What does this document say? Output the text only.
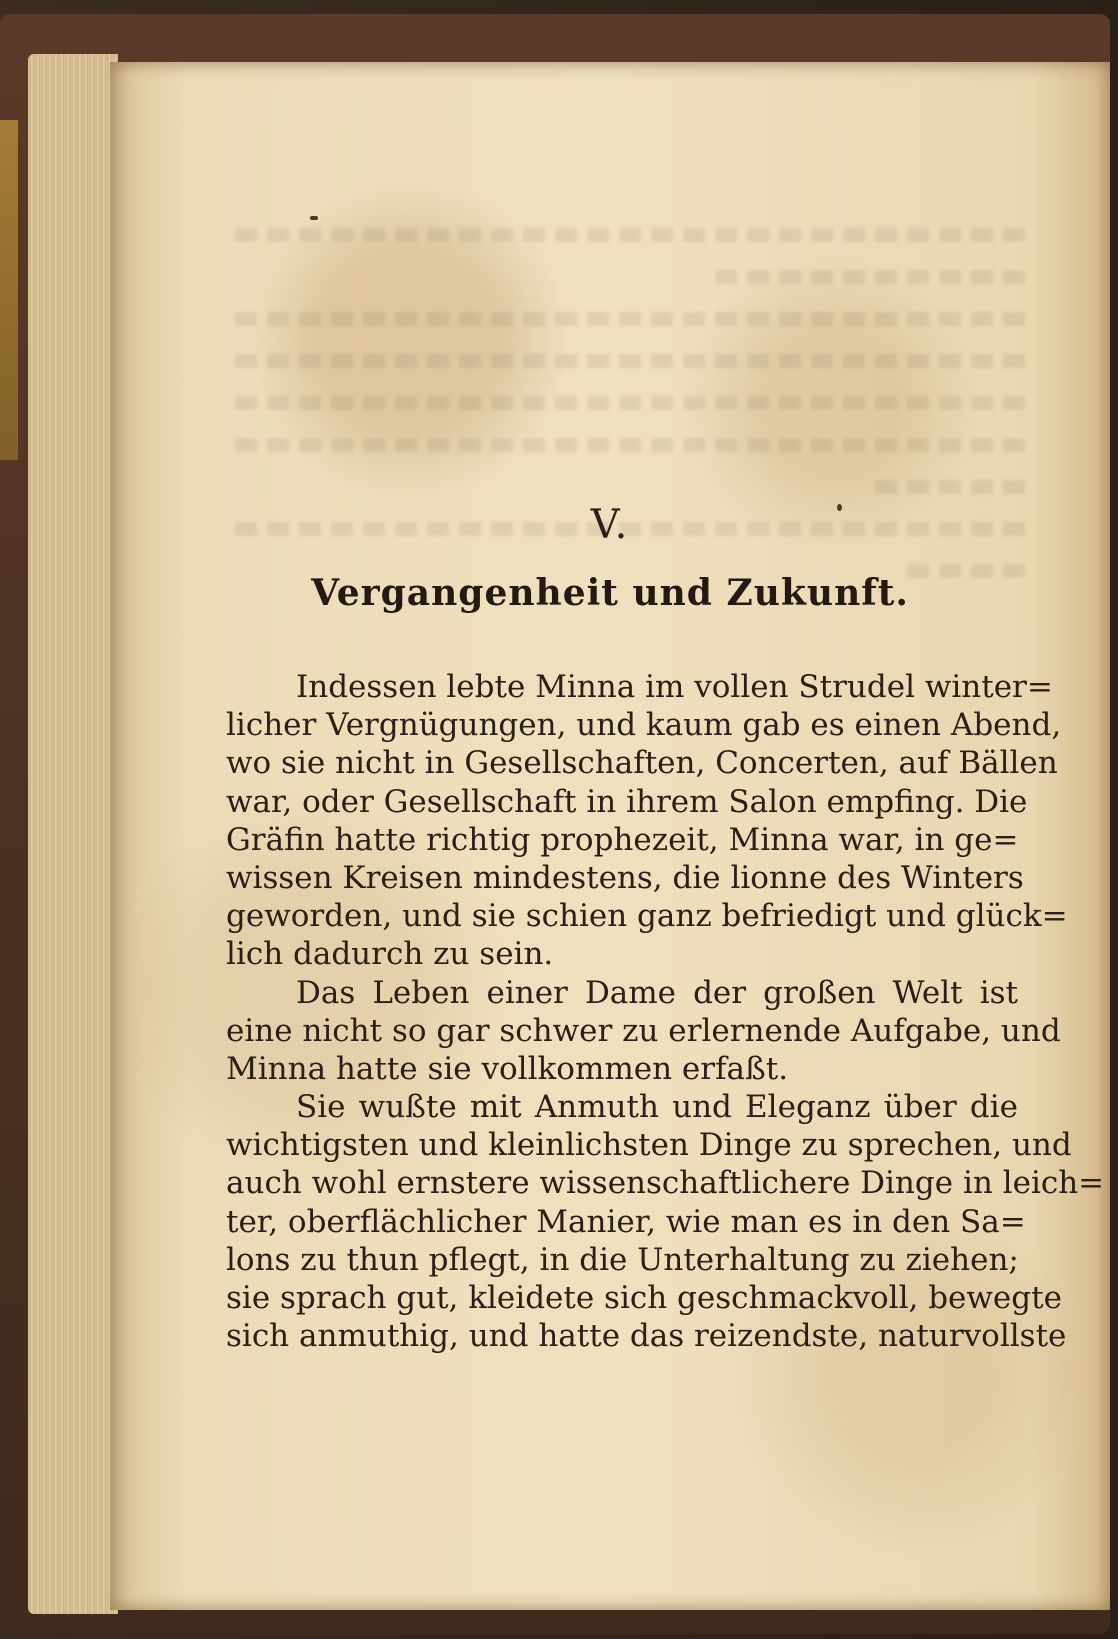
V.
Vergangenheit und Zukunft.
Indessen lebte Minna im vollen Strudel winter=
licher Vergnügungen, und kaum gab es einen Abend,
wo sie nicht in Gesellschaften, Concerten, auf Bällen
war, oder Gesellschaft in ihrem Salon empfing. Die
Gräfin hatte richtig prophezeit, Minna war, in ge=
wissen Kreisen mindestens, die lionne des Winters
geworden, und sie schien ganz befriedigt und glück=
lich dadurch zu sein.
Das Leben einer Dame der großen Welt ist
eine nicht so gar schwer zu erlernende Aufgabe, und
Minna hatte sie vollkommen erfaßt.
Sie wußte mit Anmuth und Eleganz über die
wichtigsten und kleinlichsten Dinge zu sprechen, und
auch wohl ernstere wissenschaftlichere Dinge in leich=
ter, oberflächlicher Manier, wie man es in den Sa=
lons zu thun pflegt, in die Unterhaltung zu ziehen;
sie sprach gut, kleidete sich geschmackvoll, bewegte
sich anmuthig, und hatte das reizendste, naturvollste
